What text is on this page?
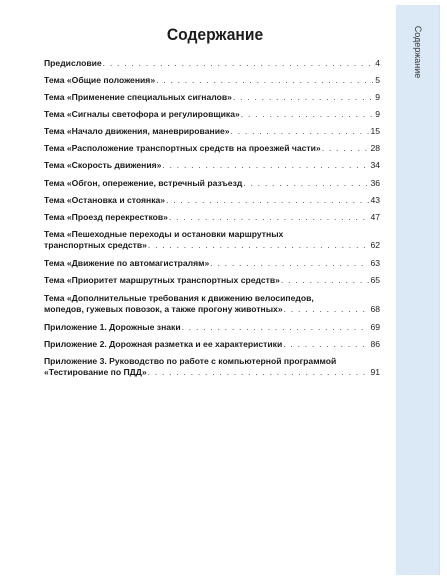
Содержание
Содержание
Предисловие . . .	4
Тема «Общие положения» . . .	5
Тема «Применение специальных сигналов» . . .	9
Тема «Сигналы светофора и регулировщика» . . .	9
Тема «Начало движения, маневрирование» . . .	15
Тема «Расположение транспортных средств на проезжей части» . . .	28
Тема «Скорость движения» . . .	34
Тема «Обгон, опережение, встречный разъезд . . .	36
Тема «Остановка и стоянка» . . .	43
Тема «Проезд перекрестков» . . .	47
Тема «Пешеходные переходы и остановки маршрутных
транспортных средств» . . .	62
Тема «Движение по автомагистралям» . . .	63
Тема «Приоритет маршрутных транспортных средств» . . .	65
Тема «Дополнительные требования к движению велосипедов,
мопедов, гужевых повозок, а также прогону животных» . . .	68
Приложение 1. Дорожные знаки . . .	69
Приложение 2. Дорожная разметка и ее характеристики . . .	86
Приложение 3. Руководство по работе с компьютерной программой
«Тестирование по ПДД» . . .	91
